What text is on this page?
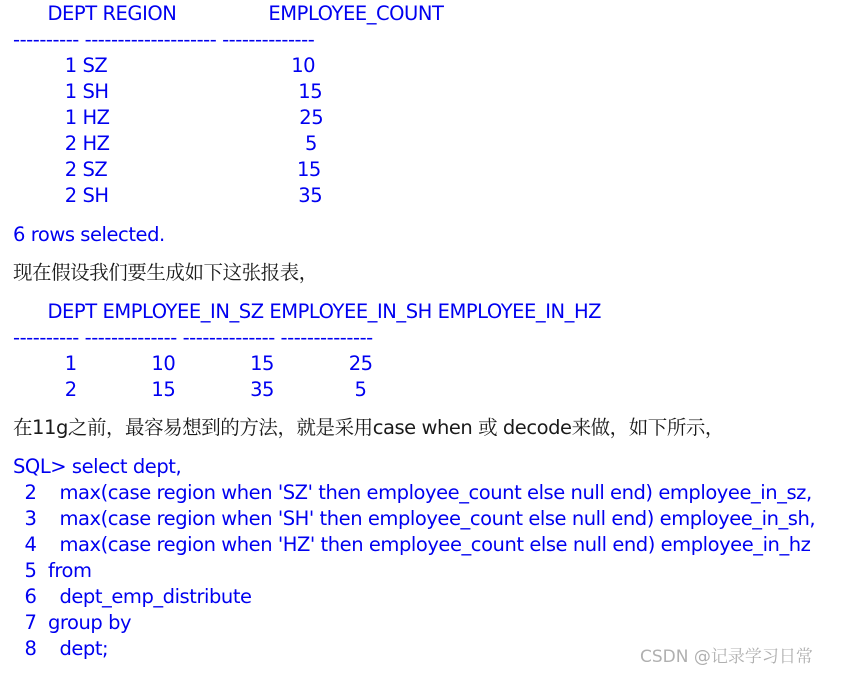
DEPT REGION                EMPLOYEE_COUNT
---------- -------------------- --------------
1 SZ                                10
1 SH                                 15
1 HZ                                 25
2 HZ                                  5
2 SZ                                 15
2 SH                                 35
6 rows selected.
现在假设我们要生成如下这张报表，
DEPT EMPLOYEE_IN_SZ EMPLOYEE_IN_SH EMPLOYEE_IN_HZ
---------- -------------- -------------- --------------
1             10             15             25
2             15             35              5
在11g之前，最容易想到的方法，就是采用case when 或 decode来做，如下所示，
SQL> select dept,
2    max(case region when 'SZ' then employee_count else null end) employee_in_sz,
3    max(case region when 'SH' then employee_count else null end) employee_in_sh,
4    max(case region when 'HZ' then employee_count else null end) employee_in_hz
5  from
6    dept_emp_distribute
7  group by
8    dept;	CSDN @记录学习日常
